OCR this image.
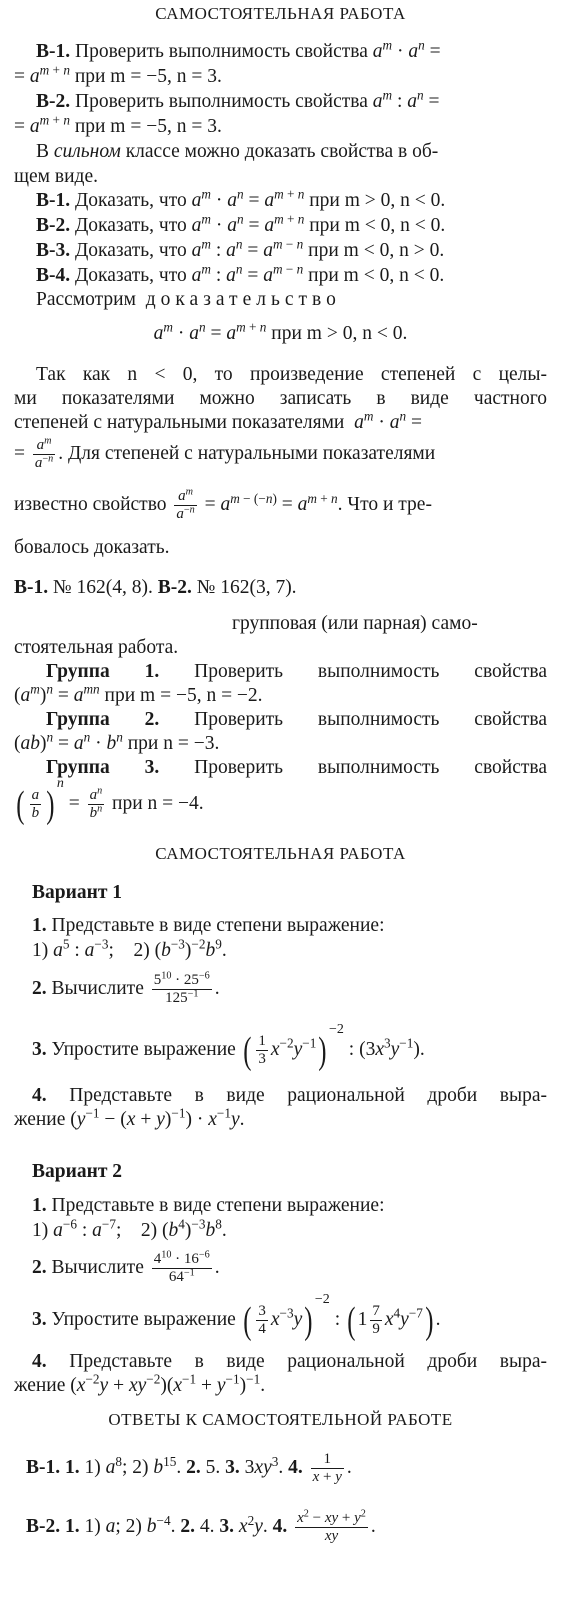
САМОСТОЯТЕЛЬНАЯ РАБОТА
В-1. Проверить выполнимость свойства $a^m \cdot a^n$ =
= $a^{m + n}$ при m = −5, n = 3.
В-2. Проверить выполнимость свойства $a^m$ : $a^n$ =
= $a^{m + n}$ при m = −5, n = 3.
В сильном классе можно доказать свойства в об-
щем виде.
В-1. Доказать, что $a^m \cdot a^n = a^{m + n}$ при m > 0, n < 0.
В-2. Доказать, что $a^m \cdot a^n = a^{m + n}$ при m < 0, n < 0.
В-3. Доказать, что $a^m$ : $a^n = a^{m - n}$ при m < 0, n > 0.
В-4. Доказать, что $a^m$ : $a^n = a^{m - n}$ при m < 0, n < 0.
Рассмотрим доказательство
$a^m \cdot a^n = a^{m + n}$ при m > 0, n < 0.
Так как n < 0, то произведение степеней с целы-
ми показателями можно записать в виде частного
степеней с натуральными показателями $a^m \cdot a^n$ =
= $\frac{a^m}{a^{-n}}$ . Для степеней с натуральными показателями
известно свойство $\frac{a^m}{a^{-n}} = a^{m - (-n)} = a^{m + n}$. Что и тре-
бовалось доказать.
В-1. № 162(4, 8). В-2. № 162(3, 7).
групповая (или парная) само-
стоятельная работа.
Группа 1. Проверить выполнимость свойства
$(a^m)^n = a^{mn}$ при m = −5, n = −2.
Группа 2. Проверить выполнимость свойства
$(ab)^n = a^n \cdot b^n$ при n = −3.
Группа 3. Проверить выполнимость свойства
( $\frac{a}{b} )^n = \frac{a^n}{b^n}$ при n = −4.
САМОСТОЯТЕЛЬНАЯ РАБОТА
Вариант 1
1. Представьте в виде степени выражение:
1) $a^5$ : $a^{-3}$;    2) $(b^{-3})^{-2}b^9$.
2. Вычислите $\frac{5^{10} \cdot 25^{-6}}{125^{-1}}$ .
3. Упростите выражение ( $\frac{1}{3} x^{-2}y^{-1})^{-2}$ : $(3x^3y^{-1})$.
4. Представьте в виде рациональной дроби выра-
жение $(y^{-1} - (x + y)^{-1}) \cdot x^{-1}y$.
Вариант 2
1. Представьте в виде степени выражение:
1) $a^{-6}$ : $a^{-7}$;    2) $(b^4)^{-3}b^8$.
2. Вычислите $\frac{4^{10} \cdot 16^{-6}}{64^{-1}}$ .
3. Упростите выражение ( $\frac{3}{4} x^{-3}y)^{-2}$ : ( $1 \frac{7}{9} x^4y^{-7}$) .
4. Представьте в виде рациональной дроби выра-
жение $(x^{-2}y + xy^{-2})(x^{-1} + y^{-1})^{-1}$.
ОТВЕТЫ К САМОСТОЯТЕЛЬНОЙ РАБОТЕ
В-1. 1. 1) $a^8$; 2) $b^{15}$. 2. 5. 3. $3xy^3$. 4. $\frac{1}{x + y}$ .
В-2. 1. 1) a; 2) $b^{-4}$. 2. 4. 3. $x^2y$. 4. $\frac{x^2 - xy + y^2}{xy}$ .
